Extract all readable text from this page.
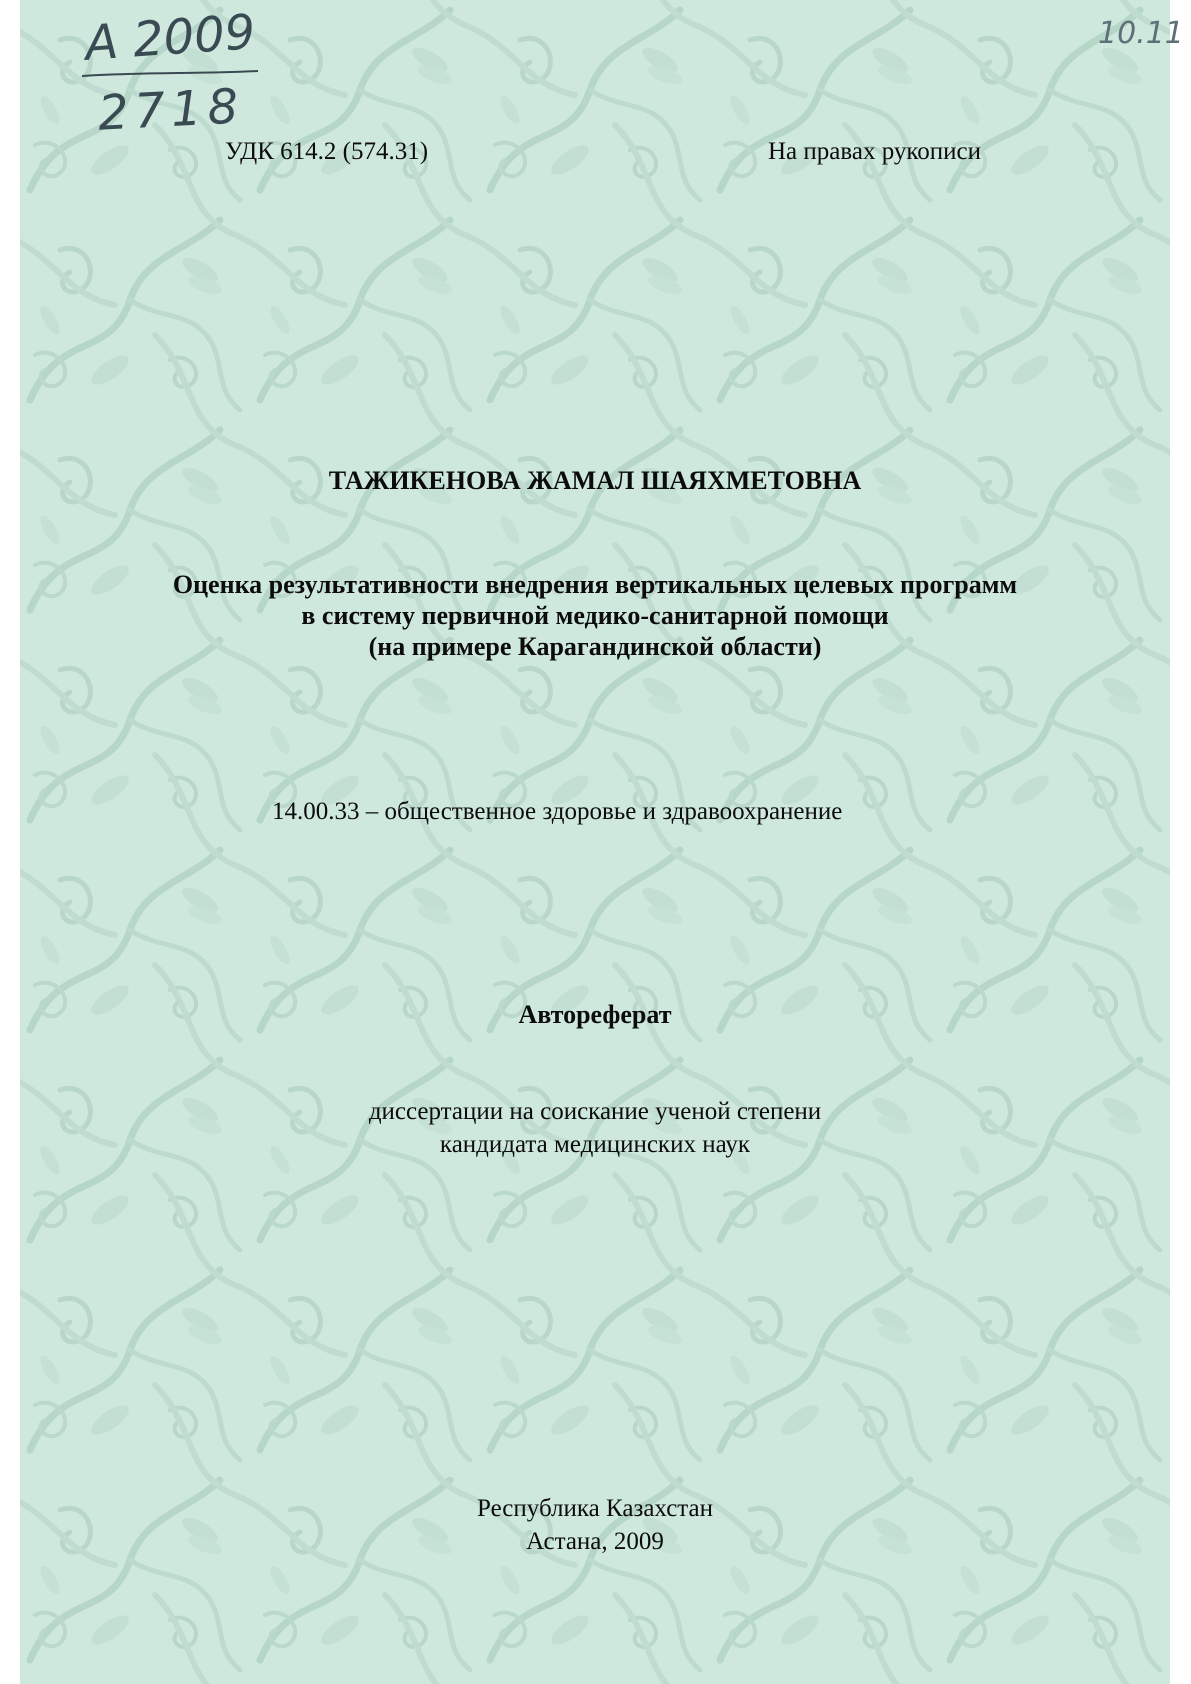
А 2009
2718
10.11
УДК 614.2 (574.31)	На правах рукописи
ТАЖИКЕНОВА ЖАМАЛ ШАЯХМЕТОВНА
Оценка результативности внедрения вертикальных целевых программ
в систему первичной медико-санитарной помощи
(на примере Карагандинской области)
14.00.33 – общественное здоровье и здравоохранение
Автореферат
диссертации на соискание ученой степени
кандидата медицинских наук
Республика Казахстан
Астана, 2009
